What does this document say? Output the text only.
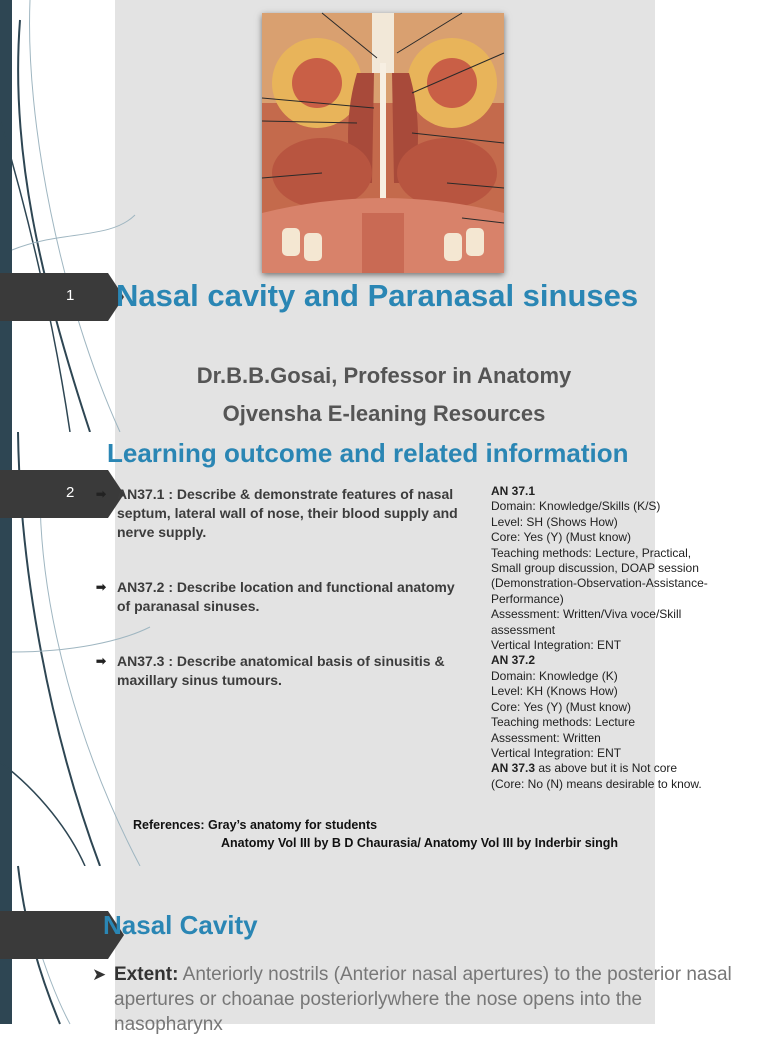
1 Nasal cavity and Paranasal sinuses
Dr.B.B.Gosai, Professor in Anatomy
Ojvensha E-leaning Resources
2
Learning outcome and related information
➡ AN37.1 : Describe & demonstrate features of nasal septum, lateral wall of nose, their blood supply and nerve supply.
➡ AN37.2 : Describe location and functional anatomy of paranasal sinuses.
➡ AN37.3 : Describe anatomical basis of sinusitis & maxillary sinus tumours.
AN 37.1
Domain: Knowledge/Skills (K/S)
Level: SH (Shows How)
Core: Yes (Y) (Must know)
Teaching methods: Lecture, Practical,
Small group discussion, DOAP session
(Demonstration-Observation-Assistance-
Performance)
Assessment: Written/Viva voce/Skill
assessment
Vertical Integration: ENT
AN 37.2
Domain: Knowledge (K)
Level: KH (Knows How)
Core: Yes (Y) (Must know)
Teaching methods: Lecture
Assessment: Written
Vertical Integration: ENT
AN 37.3 as above but it is Not core
(Core: No (N) means desirable to know.
References: Gray’s anatomy for students
Anatomy Vol III by B D Chaurasia/ Anatomy Vol III by Inderbir singh
Nasal Cavity
➤ Extent: Anteriorly nostrils (Anterior nasal apertures) to the posterior nasal apertures or choanae posteriorlywhere the nose opens into the nasopharynx
